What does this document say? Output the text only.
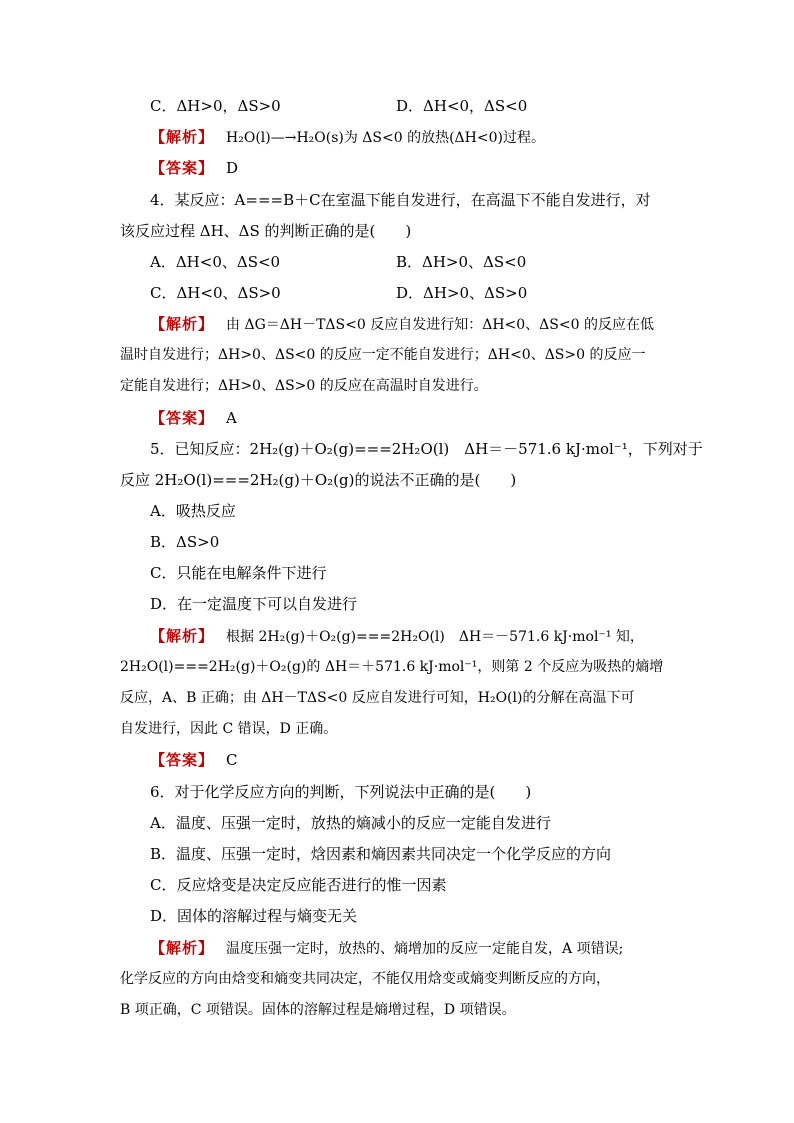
C．ΔH>0，ΔS>0	D．ΔH<0，ΔS<0
【解析】 H₂O(l)—→H₂O(s)为 ΔS<0 的放热(ΔH<0)过程。
【答案】 D
4．某反应：A===B＋C在室温下能自发进行，在高温下不能自发进行，对
该反应过程 ΔH、ΔS 的判断正确的是(　　)
A．ΔH<0、ΔS<0	B．ΔH>0、ΔS<0
C．ΔH<0、ΔS>0	D．ΔH>0、ΔS>0
【解析】 由 ΔG＝ΔH－TΔS<0 反应自发进行知：ΔH<0、ΔS<0 的反应在低
温时自发进行；ΔH>0、ΔS<0 的反应一定不能自发进行；ΔH<0、ΔS>0 的反应一
定能自发进行；ΔH>0、ΔS>0 的反应在高温时自发进行。
【答案】 A
5．已知反应：2H₂(g)＋O₂(g)===2H₂O(l)　ΔH＝－571.6 kJ·mol⁻¹，下列对于
反应 2H₂O(l)===2H₂(g)＋O₂(g)的说法不正确的是(　　)
A．吸热反应
B．ΔS>0
C．只能在电解条件下进行
D．在一定温度下可以自发进行
【解析】 根据 2H₂(g)＋O₂(g)===2H₂O(l)　ΔH＝－571.6 kJ·mol⁻¹ 知，
2H₂O(l)===2H₂(g)＋O₂(g)的 ΔH＝＋571.6 kJ·mol⁻¹，则第 2 个反应为吸热的熵增
反应，A、B 正确；由 ΔH－TΔS<0 反应自发进行可知，H₂O(l)的分解在高温下可
自发进行，因此 C 错误，D 正确。
【答案】 C
6．对于化学反应方向的判断，下列说法中正确的是(　　)
A．温度、压强一定时，放热的熵减小的反应一定能自发进行
B．温度、压强一定时，焓因素和熵因素共同决定一个化学反应的方向
C．反应焓变是决定反应能否进行的惟一因素
D．固体的溶解过程与熵变无关
【解析】 温度压强一定时，放热的、熵增加的反应一定能自发，A 项错误;
化学反应的方向由焓变和熵变共同决定，不能仅用焓变或熵变判断反应的方向，
B 项正确，C 项错误。固体的溶解过程是熵增过程，D 项错误。
